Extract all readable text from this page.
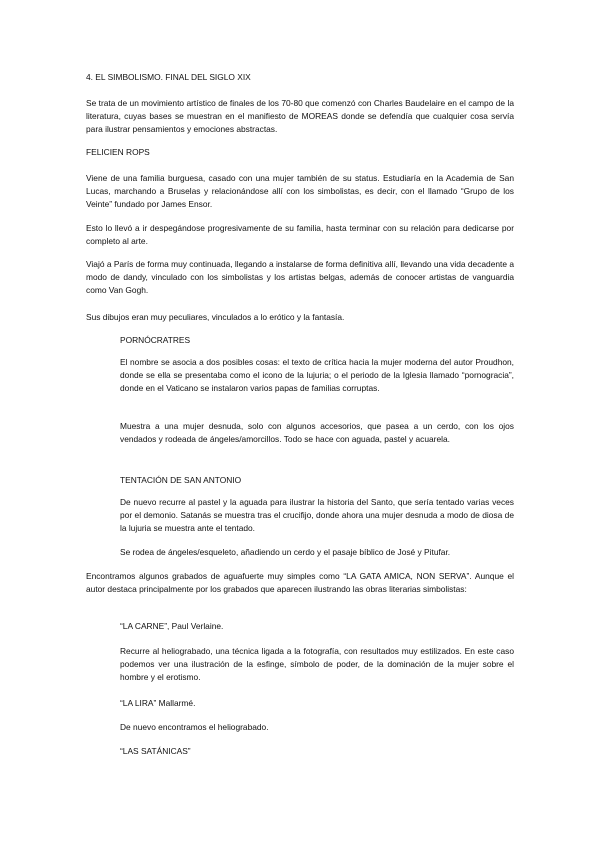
4. EL SIMBOLISMO. FINAL DEL SIGLO XIX

Se trata de un movimiento artístico de finales de los 70-80 que comenzó con Charles Baudelaire en el campo de la literatura, cuyas bases se muestran en el manifiesto de MOREAS donde se defendía que cualquier cosa servía para ilustrar pensamientos y emociones abstractas.

FELICIEN ROPS

Viene de una familia burguesa, casado con una mujer también de su status. Estudiaría en la Academia de San Lucas, marchando a Bruselas y relacionándose allí con los simbolistas, es decir, con el llamado “Grupo de los Veinte” fundado por James Ensor.

Esto lo llevó a ir despegándose progresivamente de su familia, hasta terminar con su relación para dedicarse por completo al arte.

Viajó a París de forma muy continuada, llegando a instalarse de forma definitiva allí, llevando una vida decadente a modo de dandy, vinculado con los simbolistas y los artistas belgas, además de conocer artistas de vanguardia como Van Gogh.

Sus dibujos eran muy peculiares, vinculados a lo erótico y la fantasía.

PORNÓCRATRES

El nombre se asocia a dos posibles cosas: el texto de crítica hacia la mujer moderna del autor Proudhon, donde se ella se presentaba como el icono de la lujuria; o el periodo de la Iglesia llamado “pornogracia”, donde en el Vaticano se instalaron varios papas de familias corruptas.

Muestra a una mujer desnuda, solo con algunos accesorios, que pasea a un cerdo, con los ojos vendados y rodeada de ángeles/amorcillos. Todo se hace con aguada, pastel y acuarela.

TENTACIÓN DE SAN ANTONIO

De nuevo recurre al pastel y la aguada para ilustrar la historia del Santo, que sería tentado varias veces por el demonio. Satanás se muestra tras el crucifijo, donde ahora una mujer desnuda a modo de diosa de la lujuria se muestra ante el tentado.

Se rodea de ángeles/esqueleto, añadiendo un cerdo y el pasaje bíblico de José y Pitufar.

Encontramos algunos grabados de aguafuerte muy simples como “LA GATA AMICA, NON SERVA”. Aunque el autor destaca principalmente por los grabados que aparecen ilustrando las obras literarias simbolistas:

“LA CARNE”, Paul Verlaine.

Recurre al heliograbado, una técnica ligada a la fotografía, con resultados muy estilizados. En este caso podemos ver una ilustración de la esfinge, símbolo de poder, de la dominación de la mujer sobre el hombre y el erotismo.

“LA LIRA” Mallarmé.

De nuevo encontramos el heliograbado.

“LAS SATÁNICAS”
